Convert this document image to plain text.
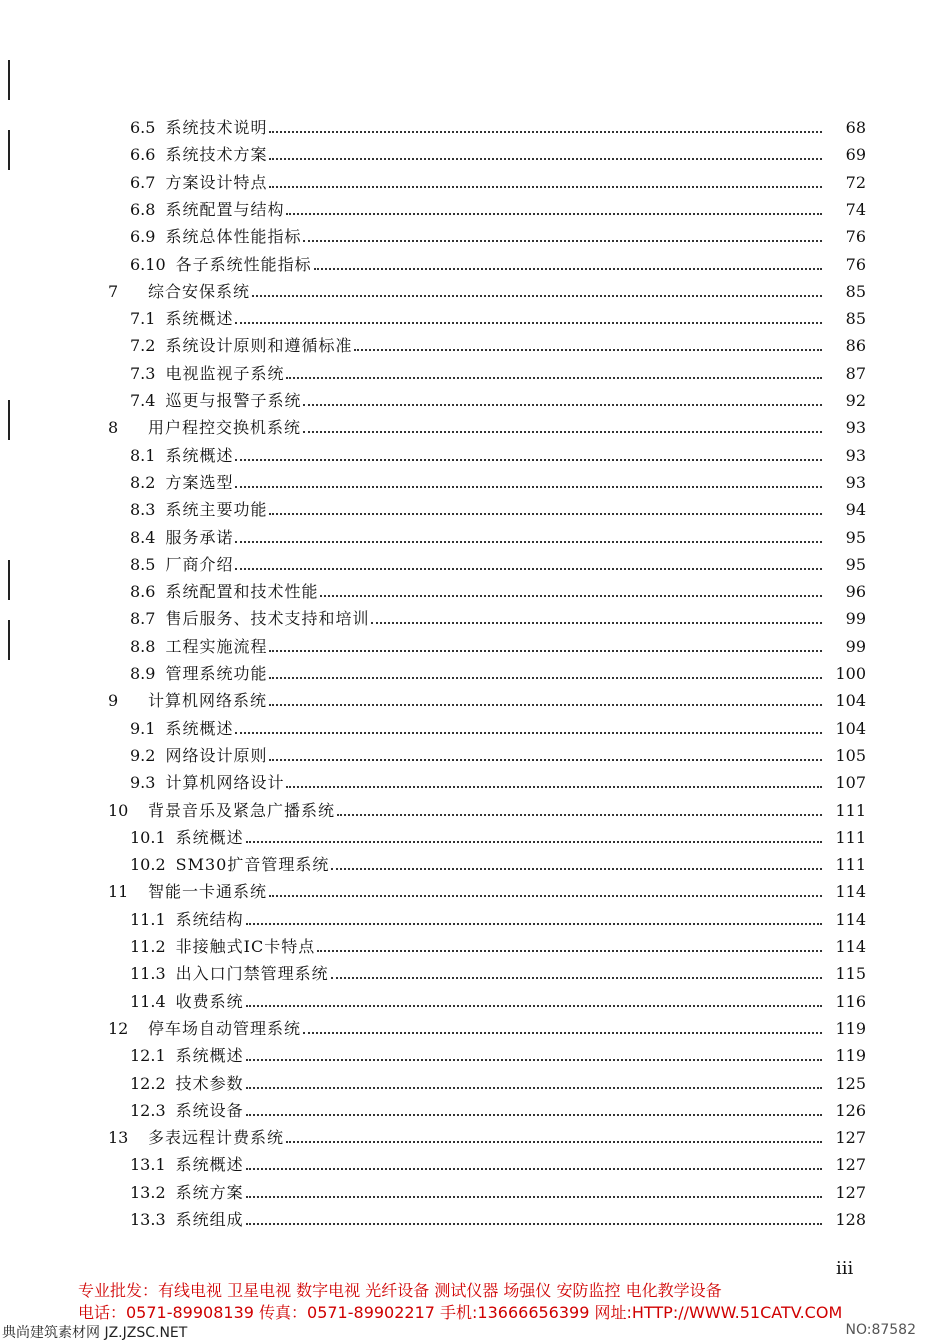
6.5 系统技术说明	68
6.6 系统技术方案	69
6.7 方案设计特点	72
6.8 系统配置与结构	74
6.9 系统总体性能指标	76
6.10 各子系统性能指标	76
7	综合安保系统	85
7.1 系统概述	85
7.2 系统设计原则和遵循标准	86
7.3 电视监视子系统	87
7.4 巡更与报警子系统	92
8	用户程控交换机系统	93
8.1 系统概述	93
8.2 方案选型	93
8.3 系统主要功能	94
8.4 服务承诺	95
8.5 厂商介绍	95
8.6 系统配置和技术性能	96
8.7 售后服务、技术支持和培训	99
8.8 工程实施流程	99
8.9 管理系统功能	100
9	计算机网络系统	104
9.1 系统概述	104
9.2 网络设计原则	105
9.3 计算机网络设计	107
10 背景音乐及紧急广播系统	111
10.1 系统概述	111
10.2 SM30扩音管理系统	111
11 智能一卡通系统	114
11.1 系统结构	114
11.2 非接触式IC卡特点	114
11.3 出入口门禁管理系统	115
11.4 收费系统	116
12 停车场自动管理系统	119
12.1 系统概述	119
12.2 技术参数	125
12.3 系统设备	126
13 多表远程计费系统	127
13.1 系统概述	127
13.2 系统方案	127
13.3 系统组成	128
iii
专业批发：有线电视 卫星电视 数字电视 光纤设备 测试仪器 场强仪 安防监控 电化教学设备
电话：0571-89908139 传真：0571-89902217 手机:13666656399 网址:HTTP://WWW.51CATV.COM
典尚建筑素材网 JZ.JZSC.NET	NO:87582
